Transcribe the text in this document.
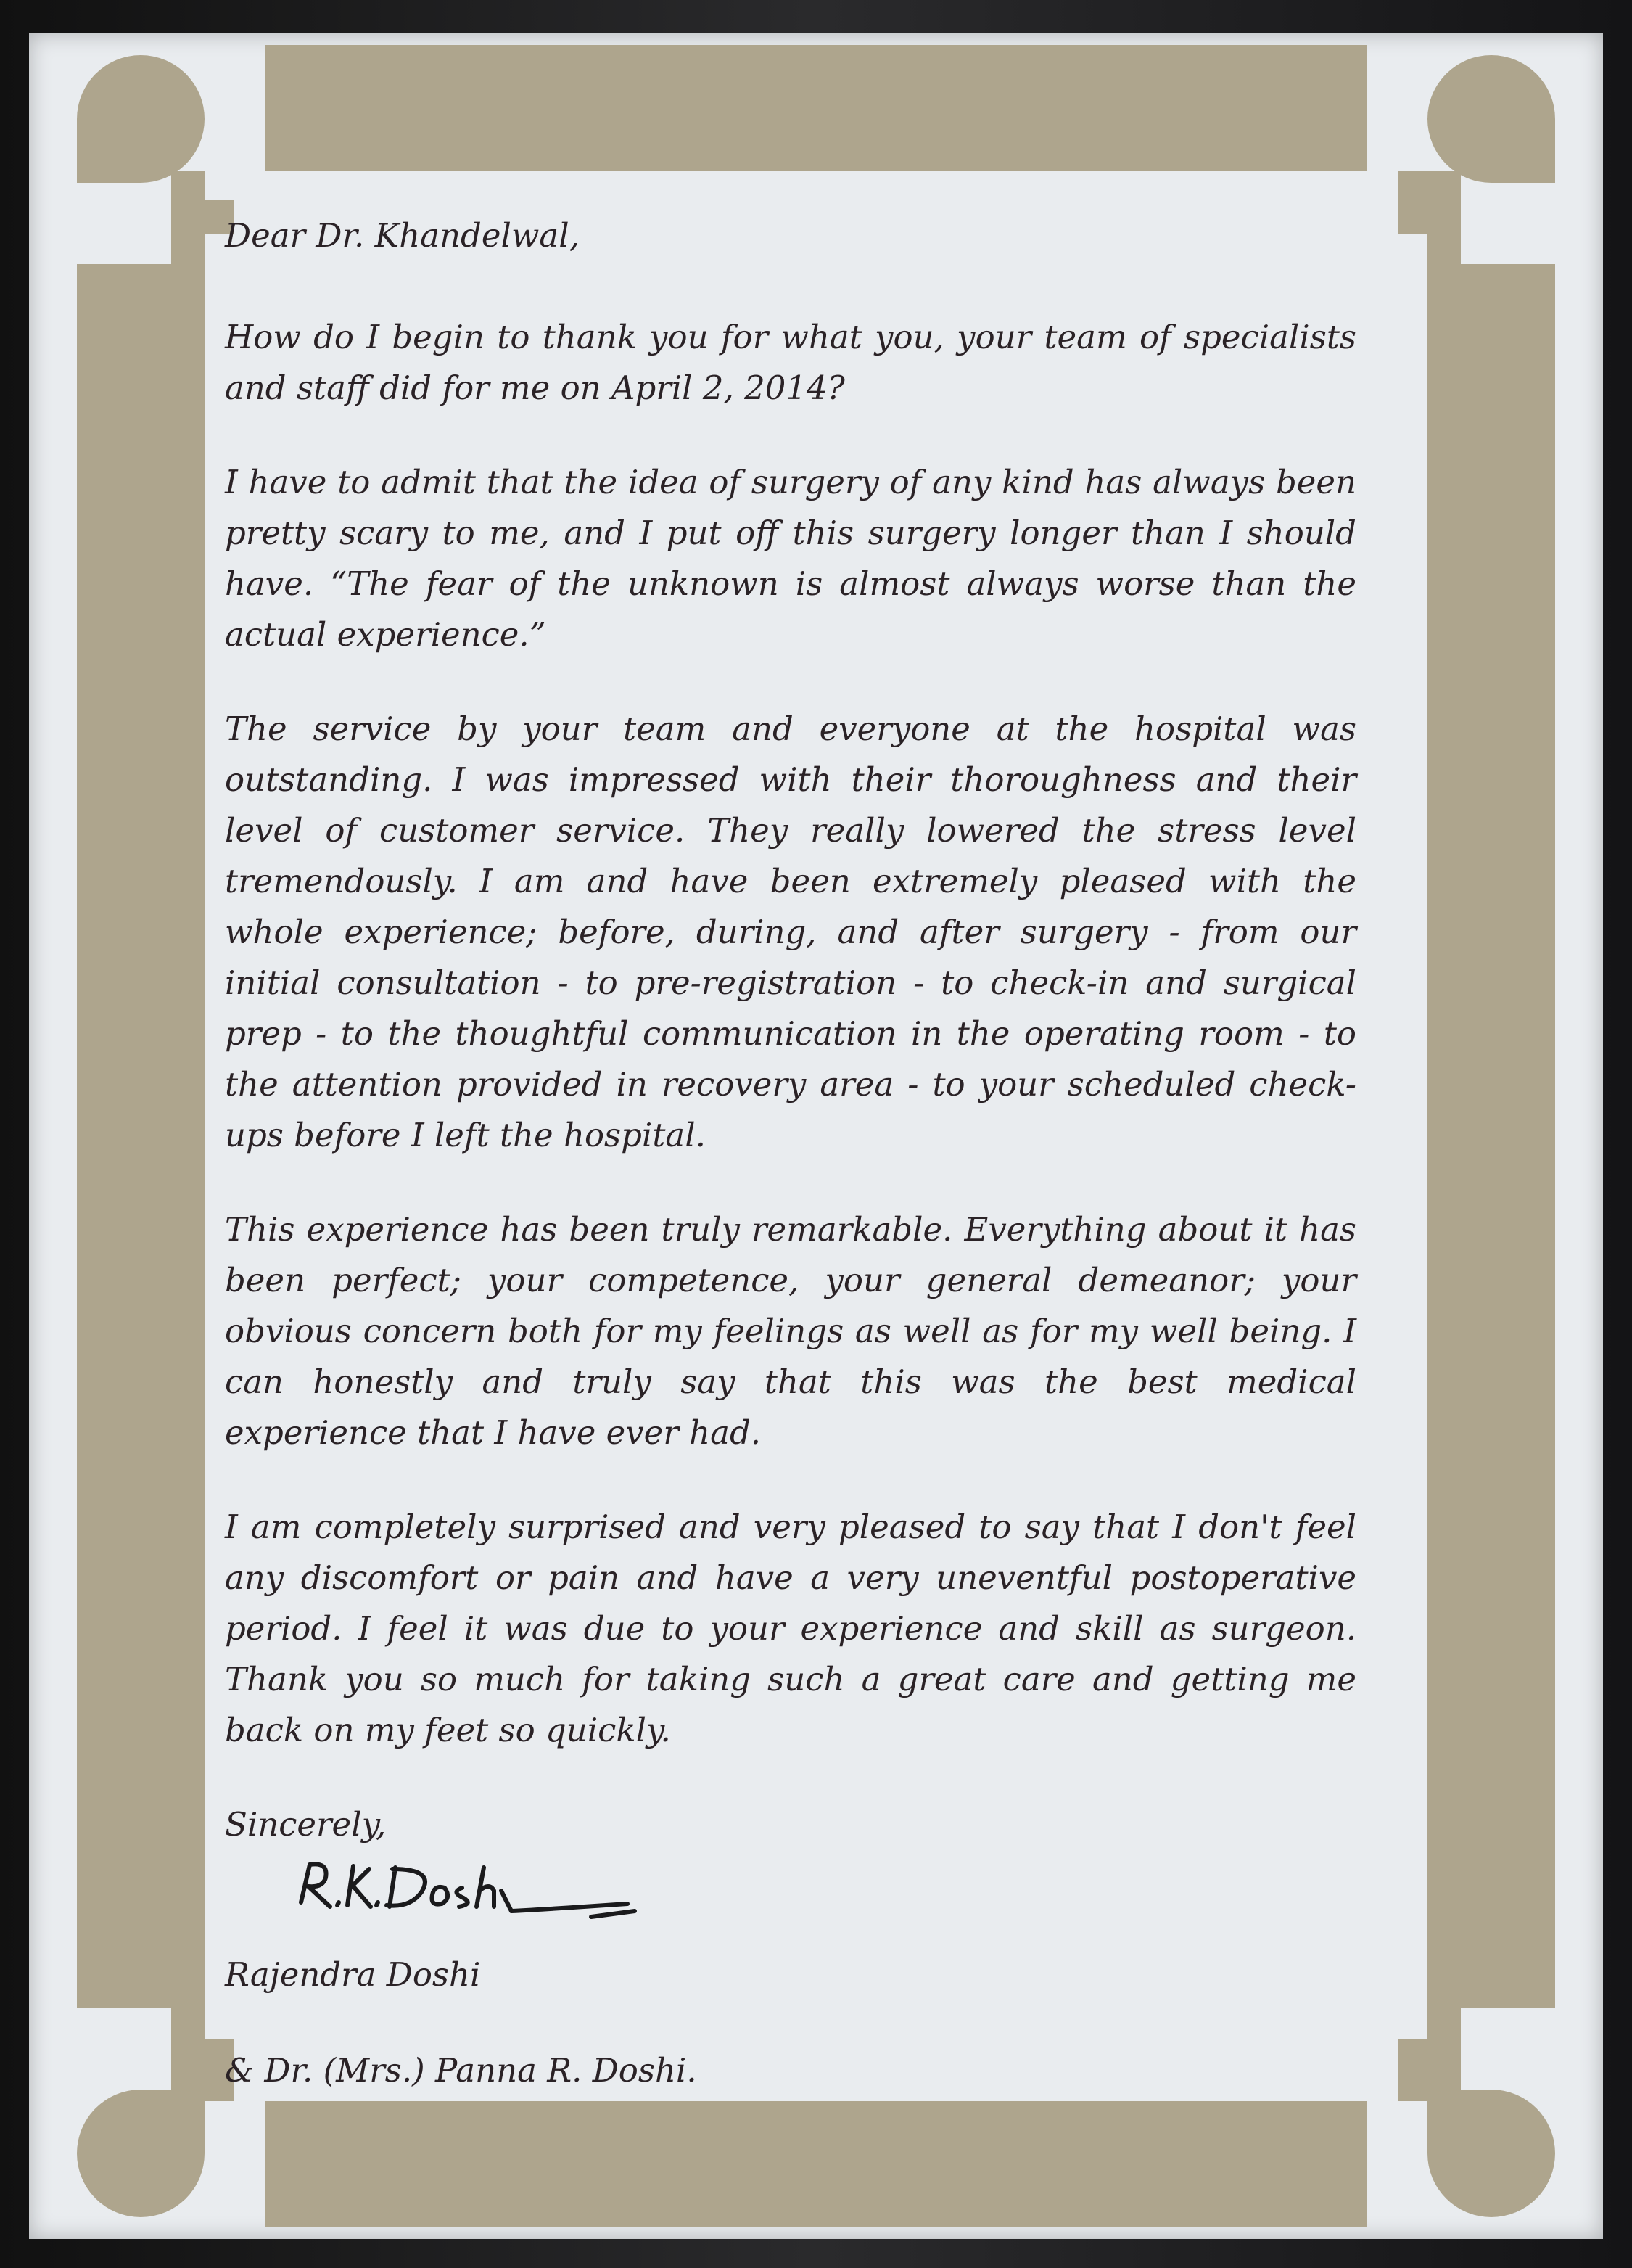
Dear Dr. Khandelwal,

How do I begin to thank you for what you, your team of specialists and staff did for me on April 2, 2014?

I have to admit that the idea of surgery of any kind has always been pretty scary to me, and I put off this surgery longer than I should have. “The fear of the unknown is almost always worse than the actual experience.”

The service by your team and everyone at the hospital was outstanding. I was impressed with their thoroughness and their level of customer service. They really lowered the stress level tremendously. I am and have been extremely pleased with the whole experience; before, during, and after surgery - from our initial consultation - to pre-registration - to check-in and surgical prep - to the thoughtful communication in the operating room - to the attention provided in recovery area - to your scheduled check-ups before I left the hospital.

This experience has been truly remarkable. Everything about it has been perfect; your competence, your general demeanor; your obvious concern both for my feelings as well as for my well being. I can honestly and truly say that this was the best medical experience that I have ever had.

I am completely surprised and very pleased to say that I don't feel any discomfort or pain and have a very uneventful postoperative period. I feel it was due to your experience and skill as surgeon. Thank you so much for taking such a great care and getting me back on my feet so quickly.

Sincerely,

Rajendra Doshi

& Dr. (Mrs.) Panna R. Doshi.
